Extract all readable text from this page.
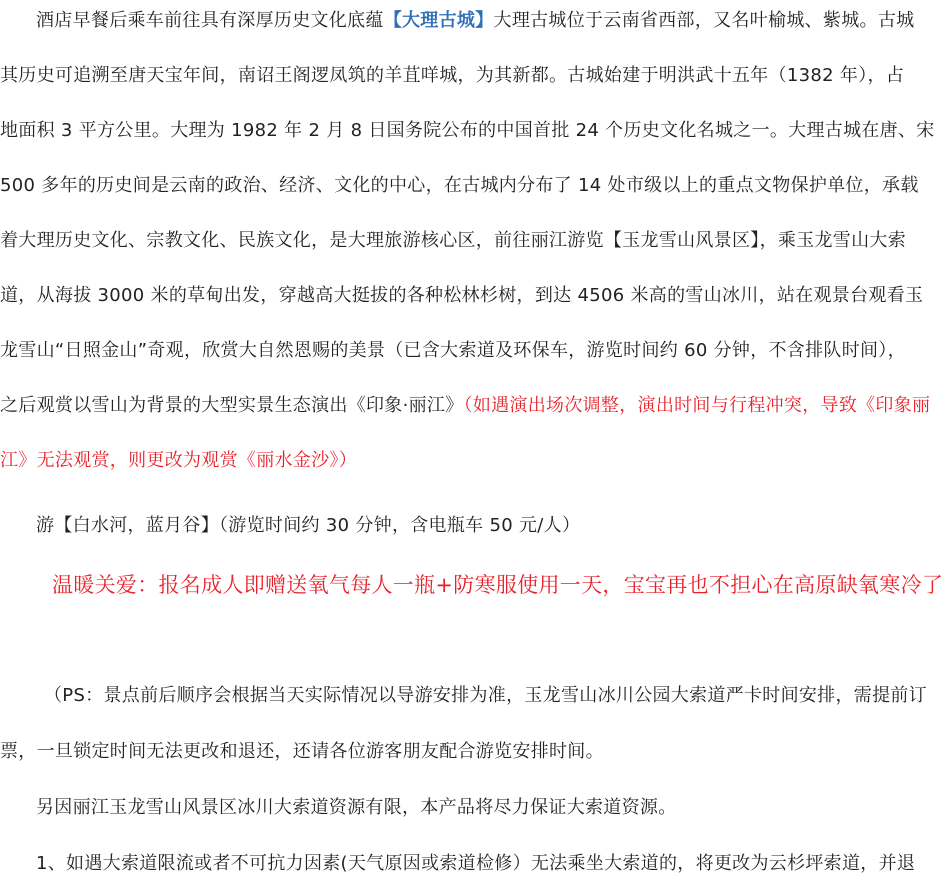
酒店早餐后乘车前往具有深厚历史文化底蕴【大理古城】大理古城位于云南省西部，又名叶榆城、紫城。古城
其历史可追溯至唐天宝年间，南诏王阁逻凤筑的羊苴咩城，为其新都。古城始建于明洪武十五年（1382 年），占
地面积 3 平方公里。大理为 1982 年 2 月 8 日国务院公布的中国首批 24 个历史文化名城之一。大理古城在唐、宋
500 多年的历史间是云南的政治、经济、文化的中心，在古城内分布了 14 处市级以上的重点文物保护单位，承载
着大理历史文化、宗教文化、民族文化，是大理旅游核心区，前往丽江游览【玉龙雪山风景区】，乘玉龙雪山大索
道，从海拔 3000 米的草甸出发，穿越高大挺拔的各种松林杉树，到达 4506 米高的雪山冰川，站在观景台观看玉
龙雪山“日照金山”奇观，欣赏大自然恩赐的美景（已含大索道及环保车，游览时间约 60 分钟，不含排队时间），
之后观赏以雪山为背景的大型实景生态演出《印象·丽江》（如遇演出场次调整，演出时间与行程冲突，导致《印象丽
江》无法观赏，则更改为观赏《丽水金沙》）
游【白水河，蓝月谷】（游览时间约 30 分钟，含电瓶车 50 元/人）
温暖关爱：报名成人即赠送氧气每人一瓶+防寒服使用一天，宝宝再也不担心在高原缺氧寒冷了
（PS：景点前后顺序会根据当天实际情况以导游安排为准，玉龙雪山冰川公园大索道严卡时间安排，需提前订
票，一旦锁定时间无法更改和退还，还请各位游客朋友配合游览安排时间。
另因丽江玉龙雪山风景区冰川大索道资源有限，本产品将尽力保证大索道资源。
1、如遇大索道限流或者不可抗力因素(天气原因或索道检修）无法乘坐大索道的，将更改为云杉坪索道，并退
